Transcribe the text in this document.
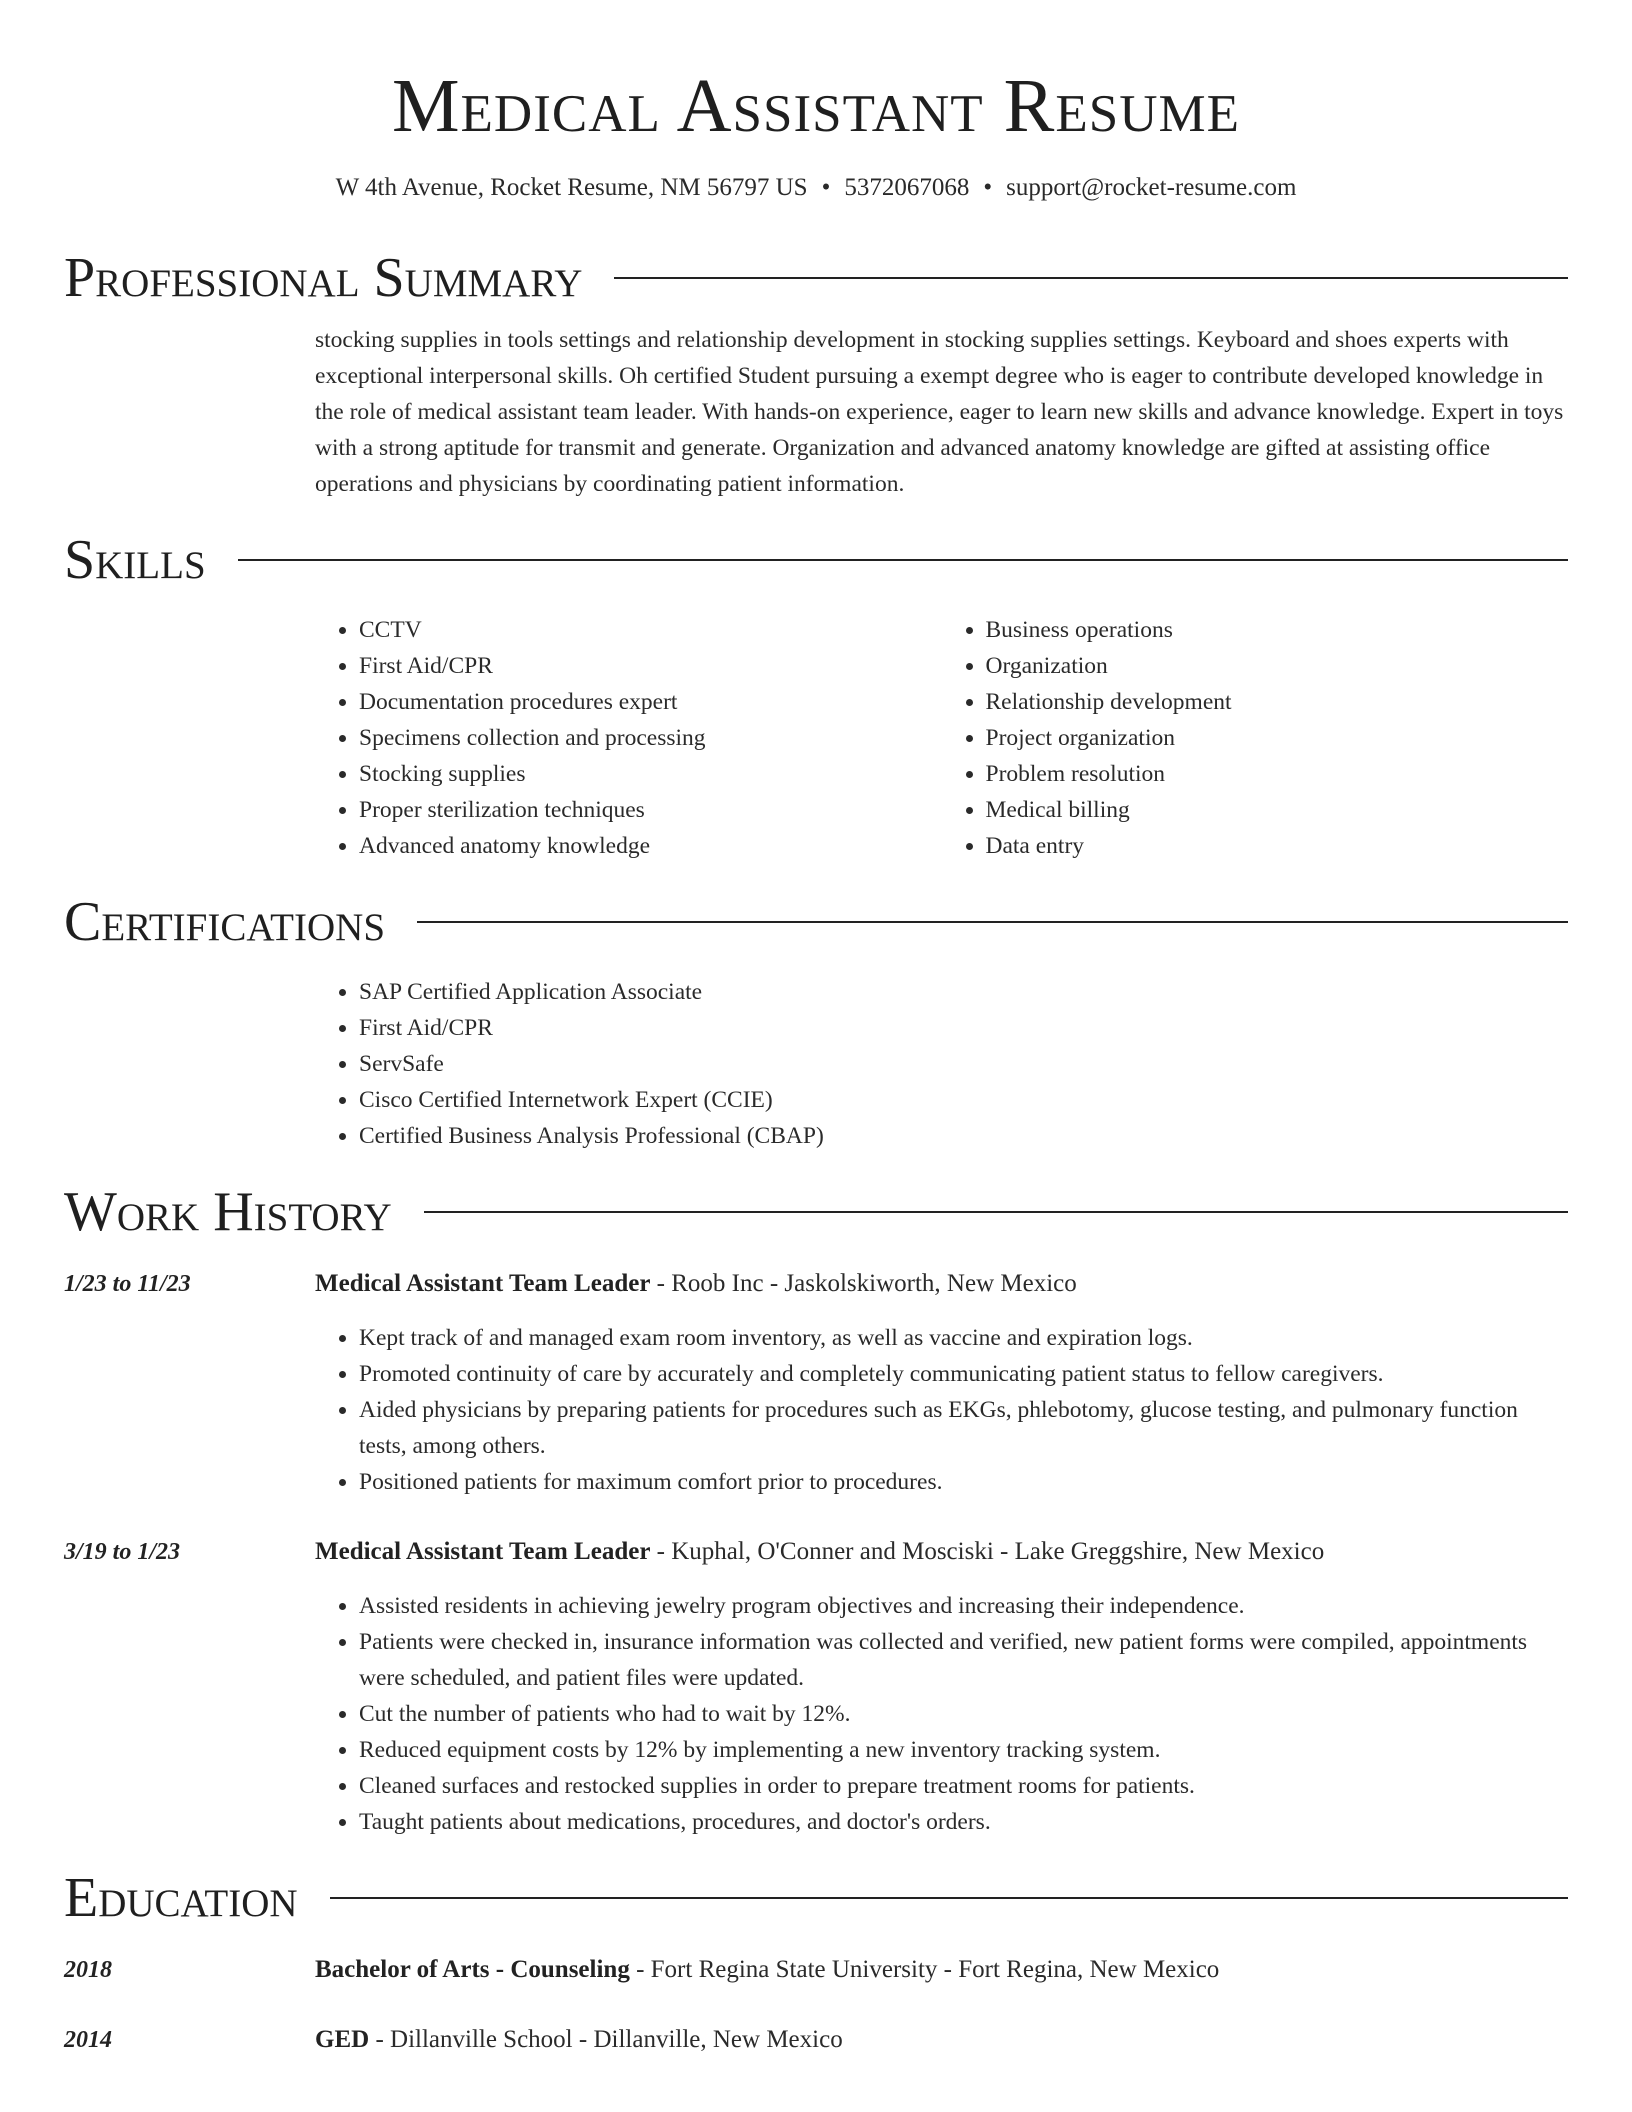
Medical Assistant Resume
W 4th Avenue, Rocket Resume, NM 56797 US • 5372067068 • support@rocket-resume.com
Professional Summary
stocking supplies in tools settings and relationship development in stocking supplies settings. Keyboard and shoes experts with exceptional interpersonal skills. Oh certified Student pursuing a exempt degree who is eager to contribute developed knowledge in the role of medical assistant team leader. With hands-on experience, eager to learn new skills and advance knowledge. Expert in toys with a strong aptitude for transmit and generate. Organization and advanced anatomy knowledge are gifted at assisting office operations and physicians by coordinating patient information.
Skills
• CCTV
• First Aid/CPR
• Documentation procedures expert
• Specimens collection and processing
• Stocking supplies
• Proper sterilization techniques
• Advanced anatomy knowledge
• Business operations
• Organization
• Relationship development
• Project organization
• Problem resolution
• Medical billing
• Data entry
Certifications
• SAP Certified Application Associate
• First Aid/CPR
• ServSafe
• Cisco Certified Internetwork Expert (CCIE)
• Certified Business Analysis Professional (CBAP)
Work History
1/23 to 11/23	Medical Assistant Team Leader - Roob Inc - Jaskolskiworth, New Mexico
• Kept track of and managed exam room inventory, as well as vaccine and expiration logs.
• Promoted continuity of care by accurately and completely communicating patient status to fellow caregivers.
• Aided physicians by preparing patients for procedures such as EKGs, phlebotomy, glucose testing, and pulmonary function tests, among others.
• Positioned patients for maximum comfort prior to procedures.
3/19 to 1/23	Medical Assistant Team Leader - Kuphal, O'Conner and Mosciski - Lake Greggshire, New Mexico
• Assisted residents in achieving jewelry program objectives and increasing their independence.
• Patients were checked in, insurance information was collected and verified, new patient forms were compiled, appointments were scheduled, and patient files were updated.
• Cut the number of patients who had to wait by 12%.
• Reduced equipment costs by 12% by implementing a new inventory tracking system.
• Cleaned surfaces and restocked supplies in order to prepare treatment rooms for patients.
• Taught patients about medications, procedures, and doctor's orders.
Education
2018	Bachelor of Arts - Counseling - Fort Regina State University - Fort Regina, New Mexico
2014	GED - Dillanville School - Dillanville, New Mexico
